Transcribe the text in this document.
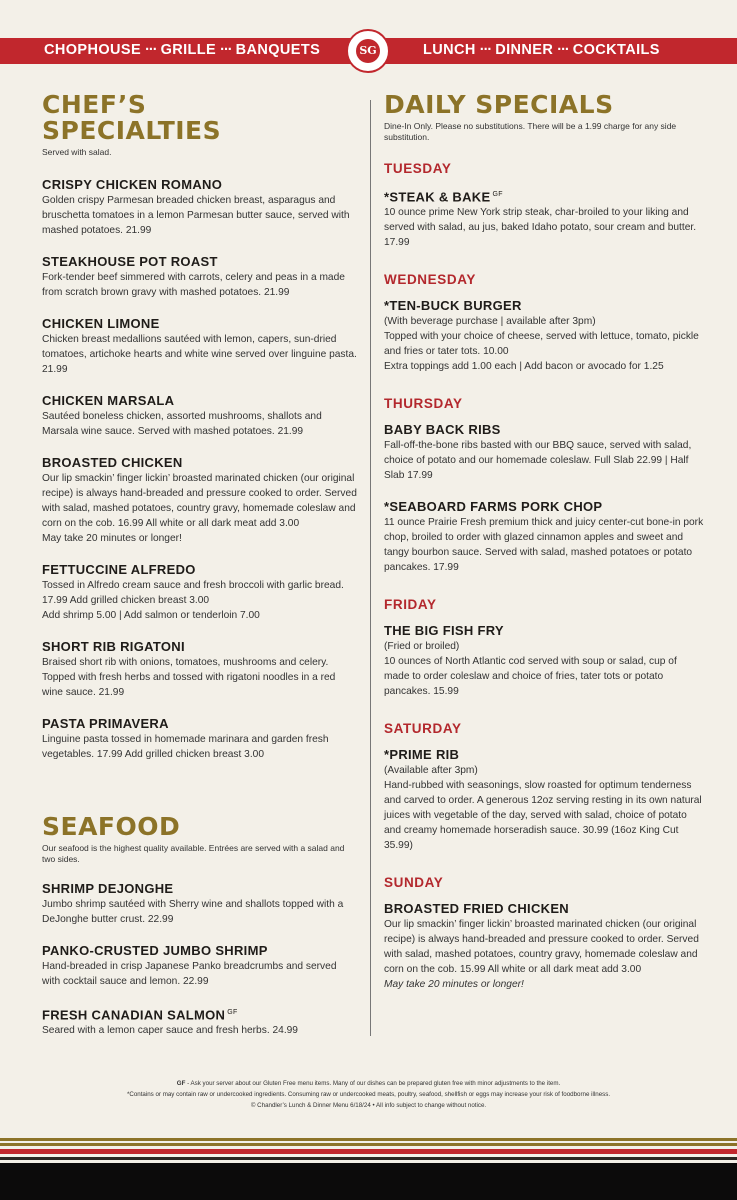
CHOPHOUSE ··· GRILLE ··· BANQUETS	LUNCH ··· DINNER ··· COCKTAILS
SG
CHEF’S
SPECIALTIES
Served with salad.
CRISPY CHICKEN ROMANO
Golden crispy Parmesan breaded chicken breast, asparagus and bruschetta tomatoes in a lemon Parmesan butter sauce, served with mashed potatoes. 21.99
STEAKHOUSE POT ROAST
Fork-tender beef simmered with carrots, celery and peas in a made from scratch brown gravy with mashed potatoes. 21.99
CHICKEN LIMONE
Chicken breast medallions sautéed with lemon, capers, sun-dried tomatoes, artichoke hearts and white wine served over linguine pasta. 21.99
CHICKEN MARSALA
Sautéed boneless chicken, assorted mushrooms, shallots and Marsala wine sauce. Served with mashed potatoes. 21.99
BROASTED CHICKEN
Our lip smackin’ finger lickin’ broasted marinated chicken (our original recipe) is always hand-breaded and pressure cooked to order. Served with salad, mashed potatoes, country gravy, homemade coleslaw and corn on the cob. 16.99 All white or all dark meat add 3.00
May take 20 minutes or longer!
FETTUCCINE ALFREDO
Tossed in Alfredo cream sauce and fresh broccoli with garlic bread. 17.99 Add grilled chicken breast 3.00
Add shrimp 5.00 | Add salmon or tenderloin 7.00
SHORT RIB RIGATONI
Braised short rib with onions, tomatoes, mushrooms and celery. Topped with fresh herbs and tossed with rigatoni noodles in a red wine sauce. 21.99
PASTA PRIMAVERA
Linguine pasta tossed in homemade marinara and garden fresh vegetables. 17.99 Add grilled chicken breast 3.00
SEAFOOD
Our seafood is the highest quality available. Entrées are served with a salad and two sides.
SHRIMP DEJONGHE
Jumbo shrimp sautéed with Sherry wine and shallots topped with a DeJonghe butter crust. 22.99
PANKO-CRUSTED JUMBO SHRIMP
Hand-breaded in crisp Japanese Panko breadcrumbs and served with cocktail sauce and lemon. 22.99
FRESH CANADIAN SALMON $^{GF}$
Seared with a lemon caper sauce and fresh herbs. 24.99
DAILY SPECIALS
Dine-In Only. Please no substitutions. There will be a 1.99 charge for any side substitution.
TUESDAY
*STEAK & BAKE $^{GF}$
10 ounce prime New York strip steak, char-broiled to your liking and served with salad, au jus, baked Idaho potato, sour cream and butter. 17.99
WEDNESDAY
*TEN-BUCK BURGER
(With beverage purchase | available after 3pm)
Topped with your choice of cheese, served with lettuce, tomato, pickle and fries or tater tots. 10.00
Extra toppings add 1.00 each | Add bacon or avocado for 1.25
THURSDAY
BABY BACK RIBS
Fall-off-the-bone ribs basted with our BBQ sauce, served with salad, choice of potato and our homemade coleslaw. Full Slab 22.99 | Half Slab 17.99
*SEABOARD FARMS PORK CHOP
11 ounce Prairie Fresh premium thick and juicy center-cut bone-in pork chop, broiled to order with glazed cinnamon apples and sweet and tangy bourbon sauce. Served with salad, mashed potatoes or potato pancakes. 17.99
FRIDAY
THE BIG FISH FRY
(Fried or broiled)
10 ounces of North Atlantic cod served with soup or salad, cup of made to order coleslaw and choice of fries, tater tots or potato pancakes. 15.99
SATURDAY
*PRIME RIB
(Available after 3pm)
Hand-rubbed with seasonings, slow roasted for optimum tenderness and carved to order. A generous 12oz serving resting in its own natural juices with vegetable of the day, served with salad, choice of potato and creamy homemade horseradish sauce. 30.99 (16oz King Cut 35.99)
SUNDAY
BROASTED FRIED CHICKEN
Our lip smackin’ finger lickin’ broasted marinated chicken (our original recipe) is always hand-breaded and pressure cooked to order. Served with salad, mashed potatoes, country gravy, homemade coleslaw and corn on the cob. 15.99 All white or all dark meat add 3.00
May take 20 minutes or longer!
GF - Ask your server about our Gluten Free menu items. Many of our dishes can be prepared gluten free with minor adjustments to the item.
*Contains or may contain raw or undercooked ingredients. Consuming raw or undercooked meats, poultry, seafood, shellfish or eggs may increase your risk of foodborne illness.
© Chandler’s Lunch & Dinner Menu 6/18/24 • All info subject to change without notice.
